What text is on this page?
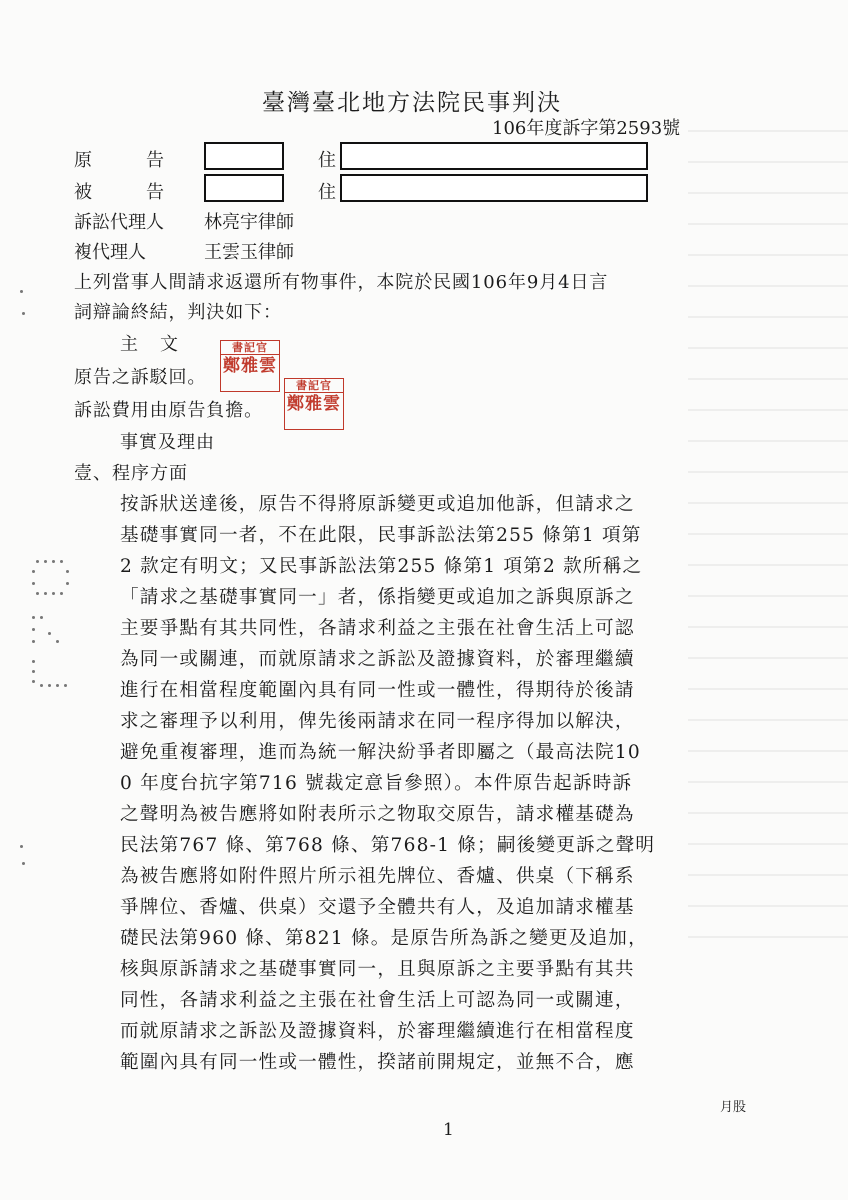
臺灣臺北地方法院民事判決
106年度訴字第2593號
原　　　告	住
被　　　告	住
訴訟代理人 林亮宇律師
複代理人	王雲玉律師
上列當事人間請求返還所有物事件，本院於民國106年9月4日言
詞辯論終結，判決如下：
主　文
原告之訴駁回。
訴訟費用由原告負擔。
書記官
鄭雅雲
書記官
鄭雅雲
事實及理由
壹、程序方面
按訴狀送達後，原告不得將原訴變更或追加他訴，但請求之
基礎事實同一者，不在此限，民事訴訟法第255 條第1 項第
2 款定有明文；又民事訴訟法第255 條第1 項第2 款所稱之
「請求之基礎事實同一」者，係指變更或追加之訴與原訴之
主要爭點有其共同性，各請求利益之主張在社會生活上可認
為同一或關連，而就原請求之訴訟及證據資料，於審理繼續
進行在相當程度範圍內具有同一性或一體性，得期待於後請
求之審理予以利用，俾先後兩請求在同一程序得加以解決，
避免重複審理，進而為統一解決紛爭者即屬之（最高法院10
0 年度台抗字第716 號裁定意旨參照）。本件原告起訴時訴
之聲明為被告應將如附表所示之物取交原告，請求權基礎為
民法第767 條、第768 條、第768-1 條；嗣後變更訴之聲明
為被告應將如附件照片所示祖先牌位、香爐、供桌（下稱系
爭牌位、香爐、供桌）交還予全體共有人，及追加請求權基
礎民法第960 條、第821 條。是原告所為訴之變更及追加，
核與原訴請求之基礎事實同一，且與原訴之主要爭點有其共
同性，各請求利益之主張在社會生活上可認為同一或關連，
而就原請求之訴訟及證據資料，於審理繼續進行在相當程度
範圍內具有同一性或一體性，揆諸前開規定，並無不合，應
月股
1
